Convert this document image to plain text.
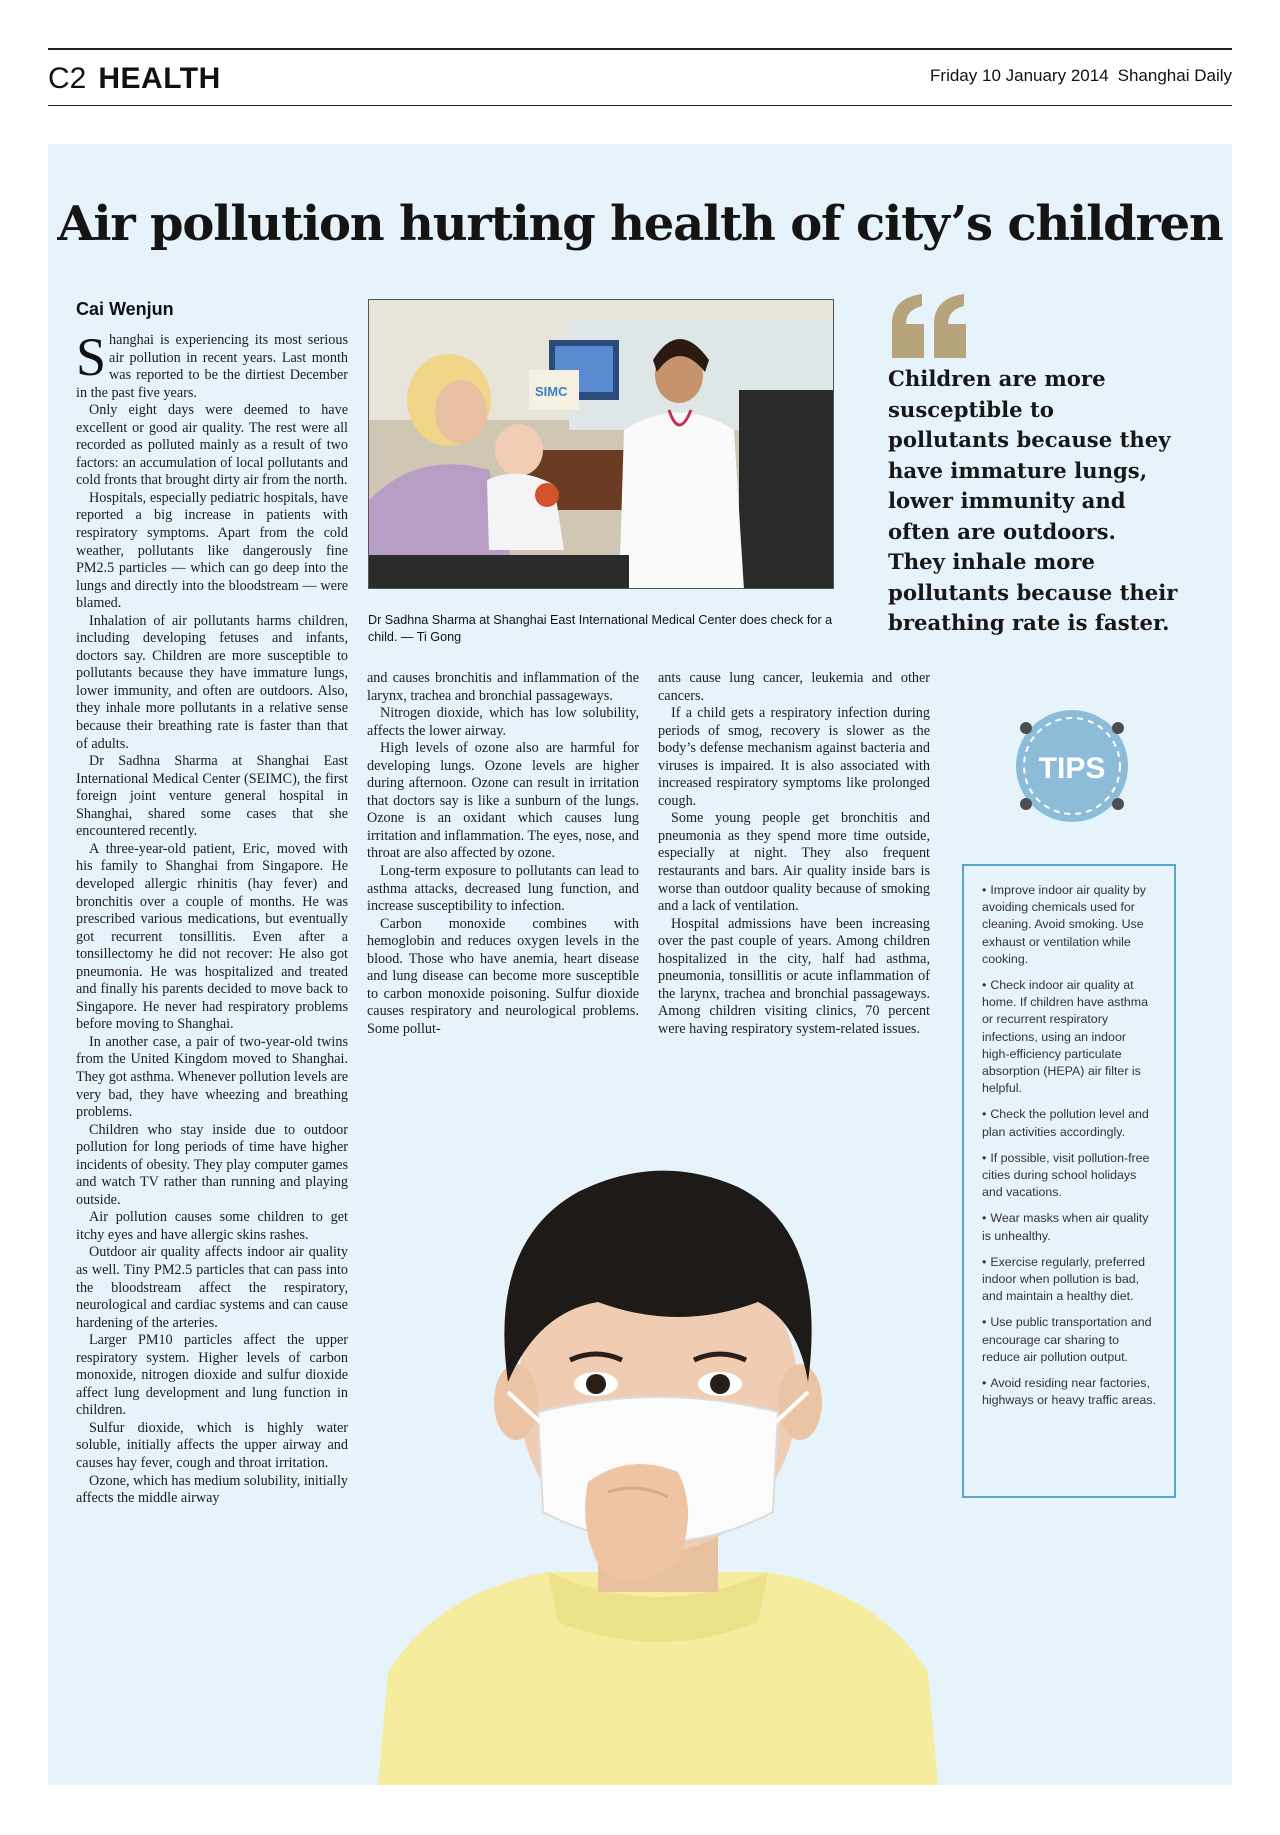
C2 HEALTH	Friday 10 January 2014 Shanghai Daily
Air pollution hurting health of city’s children
Cai Wenjun

Shanghai is experiencing its most serious air pollution in recent years. Last month was reported to be the dirtiest December in the past five years.

Only eight days were deemed to have excellent or good air quality. The rest were all recorded as polluted mainly as a result of two factors: an accumulation of local pollutants and cold fronts that brought dirty air from the north.

Hospitals, especially pediatric hospitals, have reported a big increase in patients with respiratory symptoms. Apart from the cold weather, pollutants like dangerously fine PM2.5 particles — which can go deep into the lungs and directly into the bloodstream — were blamed.

Inhalation of air pollutants harms children, including developing fetuses and infants, doctors say. Children are more susceptible to pollutants because they have immature lungs, lower immunity, and often are outdoors. Also, they inhale more pollutants in a relative sense because their breathing rate is faster than that of adults.

Dr Sadhna Sharma at Shanghai East International Medical Center (SEIMC), the first foreign joint venture general hospital in Shanghai, shared some cases that she encountered recently.

A three-year-old patient, Eric, moved with his family to Shanghai from Singapore. He developed allergic rhinitis (hay fever) and bronchitis over a couple of months. He was prescribed various medications, but eventually got recurrent tonsillitis. Even after a tonsillectomy he did not recover: He also got pneumonia. He was hospitalized and treated and finally his parents decided to move back to Singapore. He never had respiratory problems before moving to Shanghai.

In another case, a pair of two-year-old twins from the United Kingdom moved to Shanghai. They got asthma. Whenever pollution levels are very bad, they have wheezing and breathing problems.

Children who stay inside due to outdoor pollution for long periods of time have higher incidents of obesity. They play computer games and watch TV rather than running and playing outside.

Air pollution causes some children to get itchy eyes and have allergic skins rashes.

Outdoor air quality affects indoor air quality as well. Tiny PM2.5 particles that can pass into the bloodstream affect the respiratory, neurological and cardiac systems and can cause hardening of the arteries.

Larger PM10 particles affect the upper respiratory system. Higher levels of carbon monoxide, nitrogen dioxide and sulfur dioxide affect lung development and lung function in children.

Sulfur dioxide, which is highly water soluble, initially affects the upper airway and causes hay fever, cough and throat irritation.

Ozone, which has medium solubility, initially affects the middle airway

SIMC
Dr Sadhna Sharma at Shanghai East International Medical Center does check for a child. — Ti Gong

and causes bronchitis and inflammation of the larynx, trachea and bronchial passageways.

Nitrogen dioxide, which has low solubility, affects the lower airway.

High levels of ozone also are harmful for developing lungs. Ozone levels are higher during afternoon. Ozone can result in irritation that doctors say is like a sunburn of the lungs. Ozone is an oxidant which causes lung irritation and inflammation. The eyes, nose, and throat are also affected by ozone.

Long-term exposure to pollutants can lead to asthma attacks, decreased lung function, and increase susceptibility to infection.

Carbon monoxide combines with hemoglobin and reduces oxygen levels in the blood. Those who have anemia, heart disease and lung disease can become more susceptible to carbon monoxide poisoning. Sulfur dioxide causes respiratory and neurological problems. Some pollut-

ants cause lung cancer, leukemia and other cancers.

If a child gets a respiratory infection during periods of smog, recovery is slower as the body’s defense mechanism against bacteria and viruses is impaired. It is also associated with increased respiratory symptoms like prolonged cough.

Some young people get bronchitis and pneumonia as they spend more time outside, especially at night. They also frequent restaurants and bars. Air quality inside bars is worse than outdoor quality because of smoking and a lack of ventilation.

Hospital admissions have been increasing over the past couple of years. Among children hospitalized in the city, half had asthma, pneumonia, tonsillitis or acute inflammation of the larynx, trachea and bronchial passageways. Among children visiting clinics, 70 percent were having respiratory system-related issues.

Children are more susceptible to pollutants because they have immature lungs, lower immunity and often are outdoors. They inhale more pollutants because their breathing rate is faster.
TIPS
• Improve indoor air quality by avoiding chemicals used for cleaning. Avoid smoking. Use exhaust or ventilation while cooking.
• Check indoor air quality at home. If children have asthma or recurrent respiratory infections, using an indoor high-efficiency particulate absorption (HEPA) air filter is helpful.
• Check the pollution level and plan activities accordingly.
• If possible, visit pollution-free cities during school holidays and vacations.
• Wear masks when air quality is unhealthy.
• Exercise regularly, preferred indoor when pollution is bad, and maintain a healthy diet.
• Use public transportation and encourage car sharing to reduce air pollution output.
• Avoid residing near factories, highways or heavy traffic areas.
